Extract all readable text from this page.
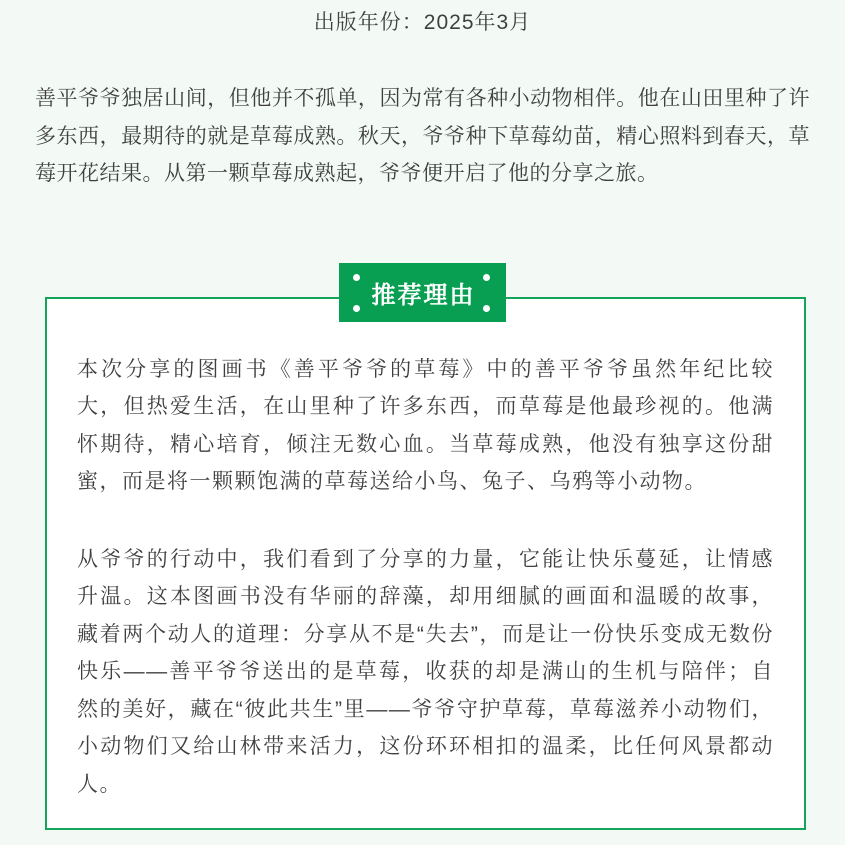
出版年份：2025年3月

善平爷爷独居山间，但他并不孤单，因为常有各种小动物相伴。他在山田里种了许多东西，最期待的就是草莓成熟。秋天，爷爷种下草莓幼苗，精心照料到春天，草莓开花结果。从第一颗草莓成熟起，爷爷便开启了他的分享之旅。

推荐理由

本次分享的图画书《善平爷爷的草莓》中的善平爷爷虽然年纪比较大，但热爱生活，在山里种了许多东西，而草莓是他最珍视的。他满怀期待，精心培育，倾注无数心血。当草莓成熟，他没有独享这份甜蜜，而是将一颗颗饱满的草莓送给小鸟、兔子、乌鸦等小动物。

从爷爷的行动中，我们看到了分享的力量，它能让快乐蔓延，让情感升温。这本图画书没有华丽的辞藻，却用细腻的画面和温暖的故事，藏着两个动人的道理：分享从不是“失去”，而是让一份快乐变成无数份快乐——善平爷爷送出的是草莓，收获的却是满山的生机与陪伴；自然的美好，藏在“彼此共生”里——爷爷守护草莓，草莓滋养小动物们，小动物们又给山林带来活力，这份环环相扣的温柔，比任何风景都动人。
